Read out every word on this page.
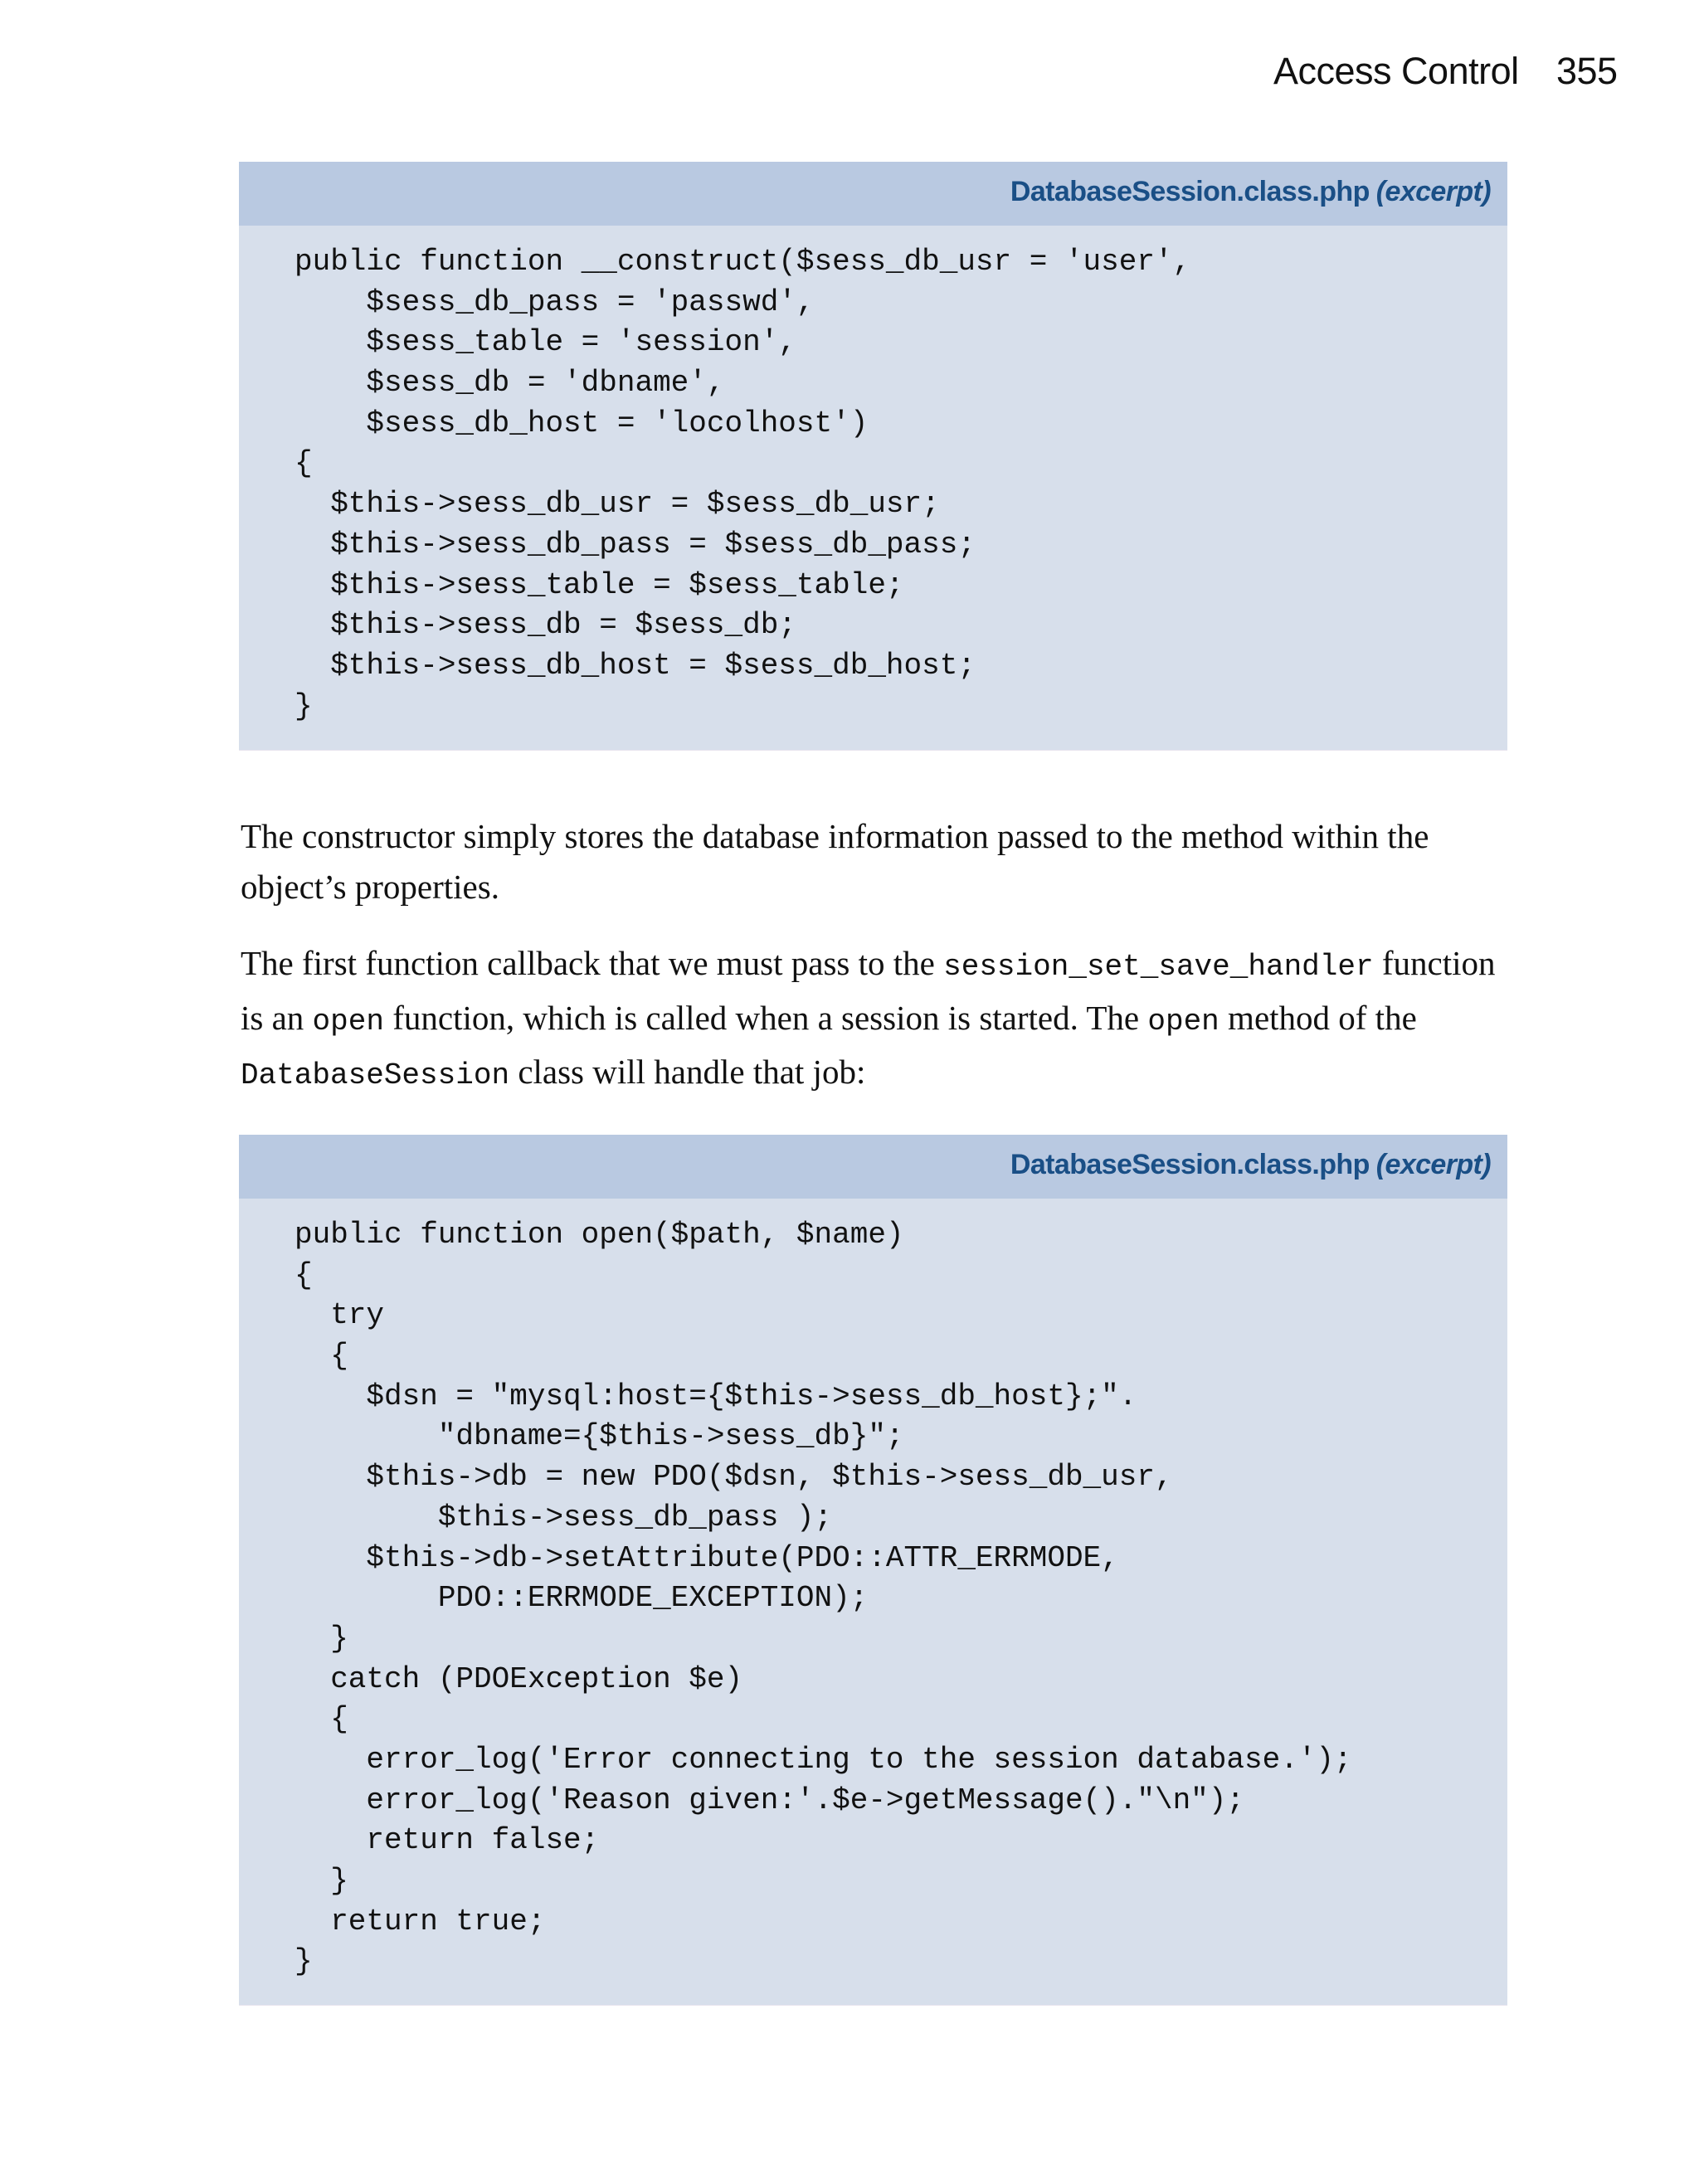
Access Control 355
DatabaseSession.class.php (excerpt)
public function __construct($sess_db_usr = 'user',
$sess_db_pass = 'passwd',
$sess_table = 'session',
$sess_db = 'dbname',
$sess_db_host = 'locolhost')
{
$this->sess_db_usr = $sess_db_usr;
$this->sess_db_pass = $sess_db_pass;
$this->sess_table = $sess_table;
$this->sess_db = $sess_db;
$this->sess_db_host = $sess_db_host;
}

The constructor simply stores the database information passed to the method within the object’s properties.

The first function callback that we must pass to the session_set_save_handler function is an open function, which is called when a session is started. The open method of the DatabaseSession class will handle that job:

DatabaseSession.class.php (excerpt)
public function open($path, $name)
{
try
{
$dsn = "mysql:host={$this->sess_db_host};".
"dbname={$this->sess_db}";
$this->db = new PDO($dsn, $this->sess_db_usr,
$this->sess_db_pass );
$this->db->setAttribute(PDO::ATTR_ERRMODE,
PDO::ERRMODE_EXCEPTION);
}
catch (PDOException $e)
{
error_log('Error connecting to the session database.');
error_log('Reason given:'.$e->getMessage()."\n");
return false;
}
return true;
}
